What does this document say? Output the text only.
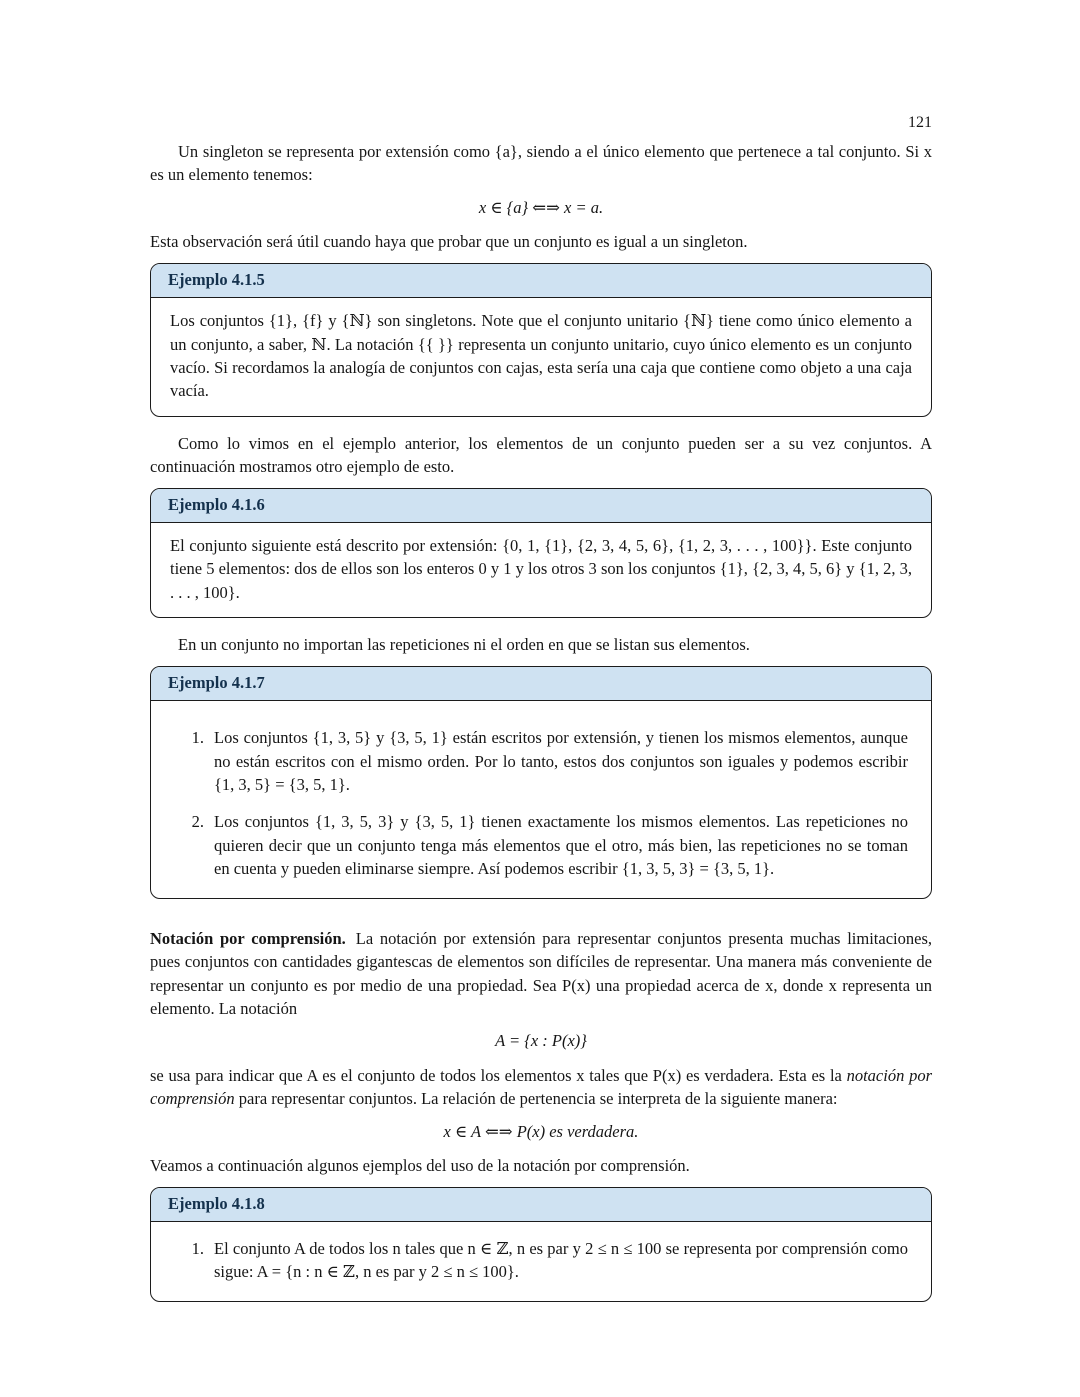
121

Un singleton se representa por extensión como {a}, siendo a el único elemento que pertenece a tal conjunto. Si x es un elemento tenemos:

x ∈ {a} ⇐⇒ x = a.

Esta observación será útil cuando haya que probar que un conjunto es igual a un singleton.

Ejemplo 4.1.5

Los conjuntos {1}, {f} y {ℕ} son singletons. Note que el conjunto unitario {ℕ} tiene como único elemento a un conjunto, a saber, ℕ. La notación {{ }} representa un conjunto unitario, cuyo único elemento es un conjunto vacío. Si recordamos la analogía de conjuntos con cajas, esta sería una caja que contiene como objeto a una caja vacía.

Como lo vimos en el ejemplo anterior, los elementos de un conjunto pueden ser a su vez conjuntos. A continuación mostramos otro ejemplo de esto.

Ejemplo 4.1.6

El conjunto siguiente está descrito por extensión: {0, 1, {1}, {2, 3, 4, 5, 6}, {1, 2, 3, . . . , 100}}. Este conjunto tiene 5 elementos: dos de ellos son los enteros 0 y 1 y los otros 3 son los conjuntos {1}, {2, 3, 4, 5, 6} y {1, 2, 3, . . . , 100}.

En un conjunto no importan las repeticiones ni el orden en que se listan sus elementos.

Ejemplo 4.1.7
1. Los conjuntos {1, 3, 5} y {3, 5, 1} están escritos por extensión, y tienen los mismos elementos, aunque no están escritos con el mismo orden. Por lo tanto, estos dos conjuntos son iguales y podemos escribir {1, 3, 5} = {3, 5, 1}.
2. Los conjuntos {1, 3, 5, 3} y {3, 5, 1} tienen exactamente los mismos elementos. Las repeticiones no quieren decir que un conjunto tenga más elementos que el otro, más bien, las repeticiones no se toman en cuenta y pueden eliminarse siempre. Así podemos escribir {1, 3, 5, 3} = {3, 5, 1}.

Notación por comprensión. La notación por extensión para representar conjuntos presenta muchas limitaciones, pues conjuntos con cantidades gigantescas de elementos son difíciles de representar. Una manera más conveniente de representar un conjunto es por medio de una propiedad. Sea P(x) una propiedad acerca de x, donde x representa un elemento. La notación

A = {x : P(x)}

se usa para indicar que A es el conjunto de todos los elementos x tales que P(x) es verdadera. Esta es la notación por comprensión para representar conjuntos. La relación de pertenencia se interpreta de la siguiente manera:

x ∈ A ⇐⇒ P(x) es verdadera.

Veamos a continuación algunos ejemplos del uso de la notación por comprensión.

Ejemplo 4.1.8
1. El conjunto A de todos los n tales que n ∈ ℤ, n es par y 2 ≤ n ≤ 100 se representa por comprensión como sigue: A = {n : n ∈ ℤ, n es par y 2 ≤ n ≤ 100}.
